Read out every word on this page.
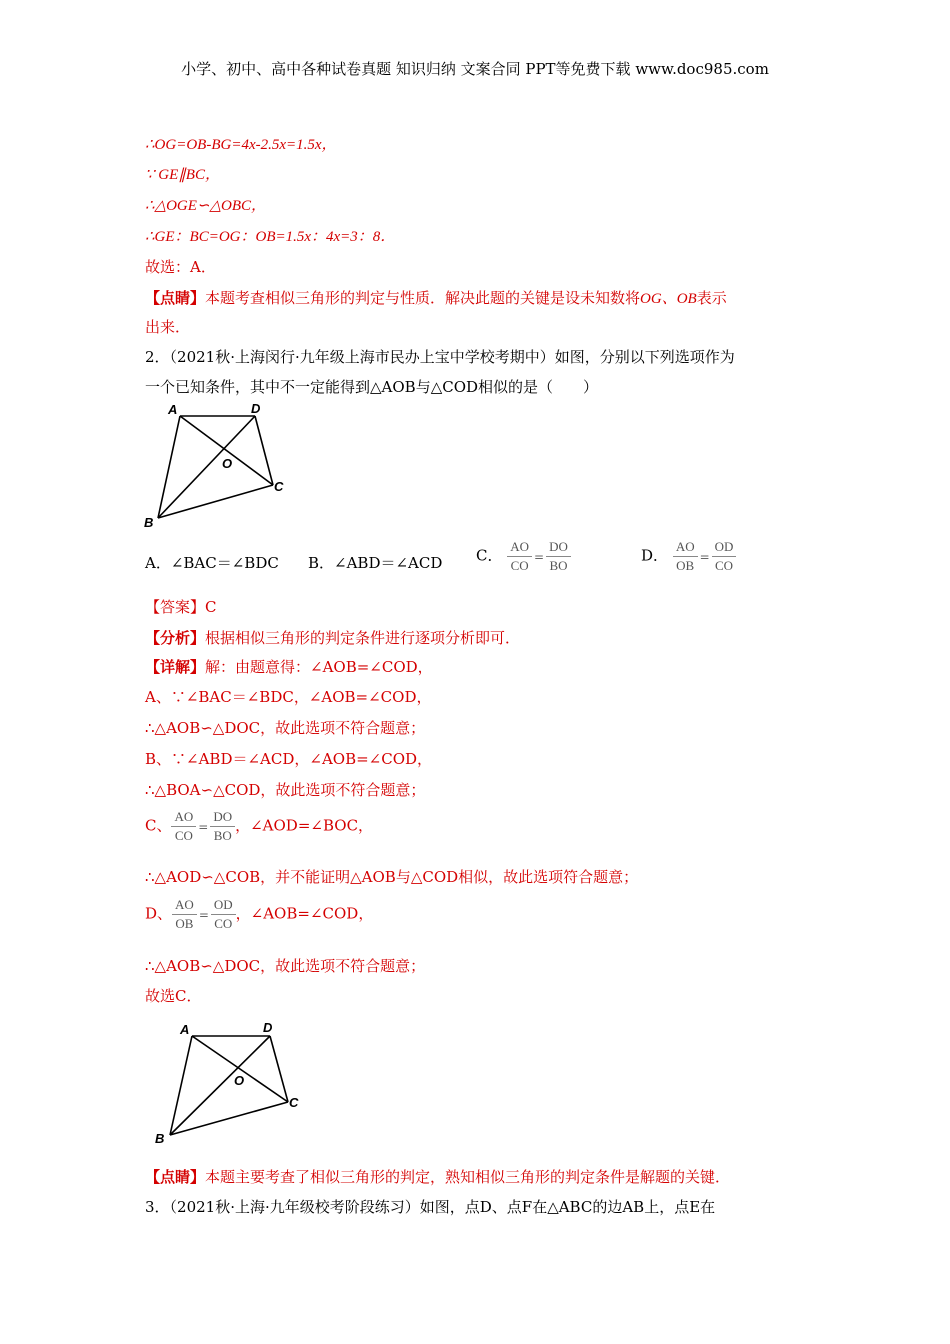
小学、初中、高中各种试卷真题 知识归纳 文案合同 PPT等免费下载 www.doc985.com
∴OG=OB-BG=4x-2.5x=1.5x，
∵ GE∥BC，
∴△OGE∽△OBC，
∴GE：BC=OG：OB=1.5x：4x=3：8．
故选：A．
【点睛】本题考查相似三角形的判定与性质．解决此题的关键是设未知数将OG、OB表示
出来．
2．（2021秋·上海闵行·九年级上海市民办上宝中学校考期中）如图，分别以下列选项作为
一个已知条件，其中不一定能得到△AOB与△COD相似的是（　　）
A	D
O
C
B
A．∠BAC＝∠BDC B．∠ABD＝∠ACD C． $\frac{AO}{CO} = \frac{DO}{BO}$	D． $\frac{AO}{OB} = \frac{OD}{CO}$
【答案】C
【分析】根据相似三角形的判定条件进行逐项分析即可．
【详解】解：由题意得：∠AOB=∠COD，
A、∵∠BAC＝∠BDC，∠AOB=∠COD，
∴△AOB∽△DOC，故此选项不符合题意；
B、∵∠ABD＝∠ACD，∠AOB=∠COD，
∴△BOA∽△COD，故此选项不符合题意；
C、 $\frac{AO}{CO} = \frac{DO}{BO}$ ，∠AOD=∠BOC，
∴△AOD∽△COB，并不能证明△AOB与△COD相似，故此选项符合题意；
D、 $\frac{AO}{OB} = \frac{OD}{CO}$ ，∠AOB=∠COD，
∴△AOB∽△DOC，故此选项不符合题意；
故选C．
A	D
O
C
B
【点睛】本题主要考查了相似三角形的判定，熟知相似三角形的判定条件是解题的关键．
3．（2021秋·上海·九年级校考阶段练习）如图，点D、点F在△ABC的边AB上，点E在
